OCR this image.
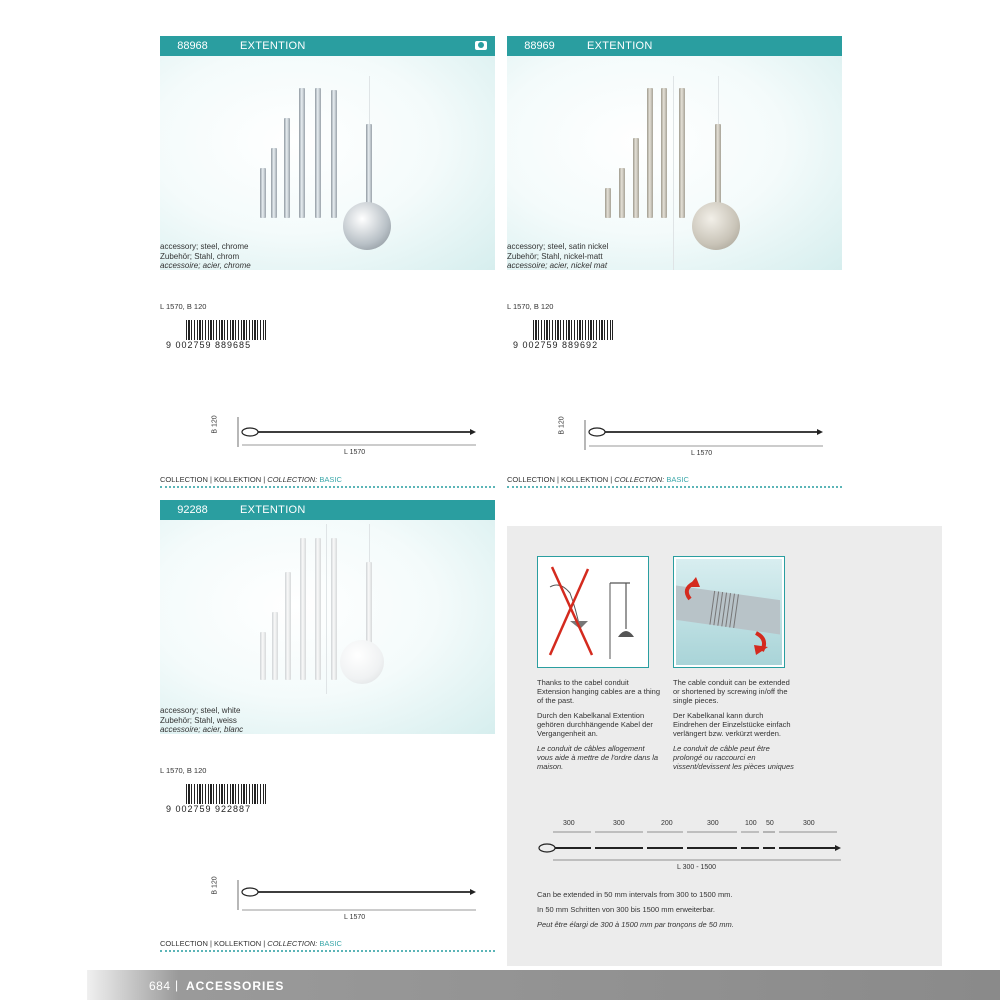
88968	EXTENTION
accessory; steel, chrome
Zubehör; Stahl, chrom
accessoire; acier, chrome
L 1570, B 120
9 002759 889685
B 120
L 1570
COLLECTION | KOLLEKTION | COLLECTION: BASIC
88969	EXTENTION
accessory; steel, satin nickel
Zubehör; Stahl, nickel-matt
accessoire; acier, nickel mat
L 1570, B 120
9 002759 889692
B 120
L 1570
COLLECTION | KOLLEKTION | COLLECTION: BASIC
92288	EXTENTION
accessory; steel, white
Zubehör; Stahl, weiss
accessoire; acier, blanc
L 1570, B 120
9 002759 922887
B 120
L 1570
COLLECTION | KOLLEKTION | COLLECTION: BASIC

Thanks to the cabel conduit Extension hanging cables are a thing of the past.

Durch den Kabelkanal Extention gehören durchhängende Kabel der Vergangenheit an.

Le conduit de câbles allogement vous aide à mettre de l'ordre dans la maison.

The cable conduit can be extended or shortened by screwing in/off the single pieces.

Der Kabelkanal kann durch Eindrehen der Einzelstücke einfach verlängert bzw. verkürzt werden.

Le conduit de câble peut être prolongé ou raccourci en vissent/devissent les pièces uniques

300	300	200	300	100 50	300
L 300 - 1500

Can be extended in 50 mm intervals from 300 to 1500 mm.

In 50 mm Schritten von 300 bis 1500 mm erweiterbar.

Peut être élargi de 300 à 1500 mm par tronçons de 50 mm.

684 | ACCESSORIES
